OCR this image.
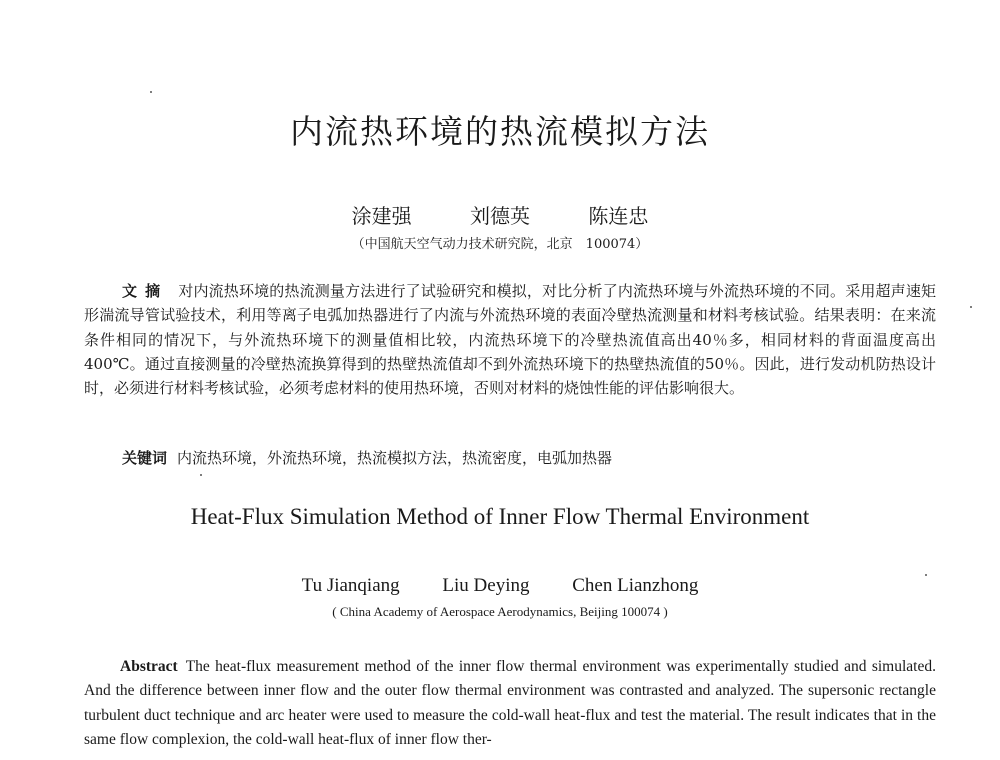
内流热环境的热流模拟方法
涂建强	刘德英	陈连忠
（中国航天空气动力技术研究院，北京　100074）

文摘 对内流热环境的热流测量方法进行了试验研究和模拟，对比分析了内流热环境与外流热环境的不同。采用超声速矩形湍流导管试验技术，利用等离子电弧加热器进行了内流与外流热环境的表面冷壁热流测量和材料考核试验。结果表明：在来流条件相同的情况下，与外流热环境下的测量值相比较，内流热环境下的冷壁热流值高出40％多，相同材料的背面温度高出400℃。通过直接测量的冷壁热流换算得到的热壁热流值却不到外流热环境下的热壁热流值的50％。因此，进行发动机防热设计时，必须进行材料考核试验，必须考虑材料的使用热环境，否则对材料的烧蚀性能的评估影响很大。

关键词 内流热环境，外流热环境，热流模拟方法，热流密度，电弧加热器
Heat-Flux Simulation Method of Inner Flow Thermal Environment
Tu Jianqiang Liu Deying Chen Lianzhong
( China Academy of Aerospace Aerodynamics, Beijing 100074 )

Abstract The heat-flux measurement method of the inner flow thermal environment was experimentally studied and simulated. And the difference between inner flow and the outer flow thermal environment was contrasted and analyzed. The supersonic rectangle turbulent duct technique and arc heater were used to measure the cold-wall heat-flux and test the material. The result indicates that in the same flow complexion, the cold-wall heat-flux of inner flow ther-
